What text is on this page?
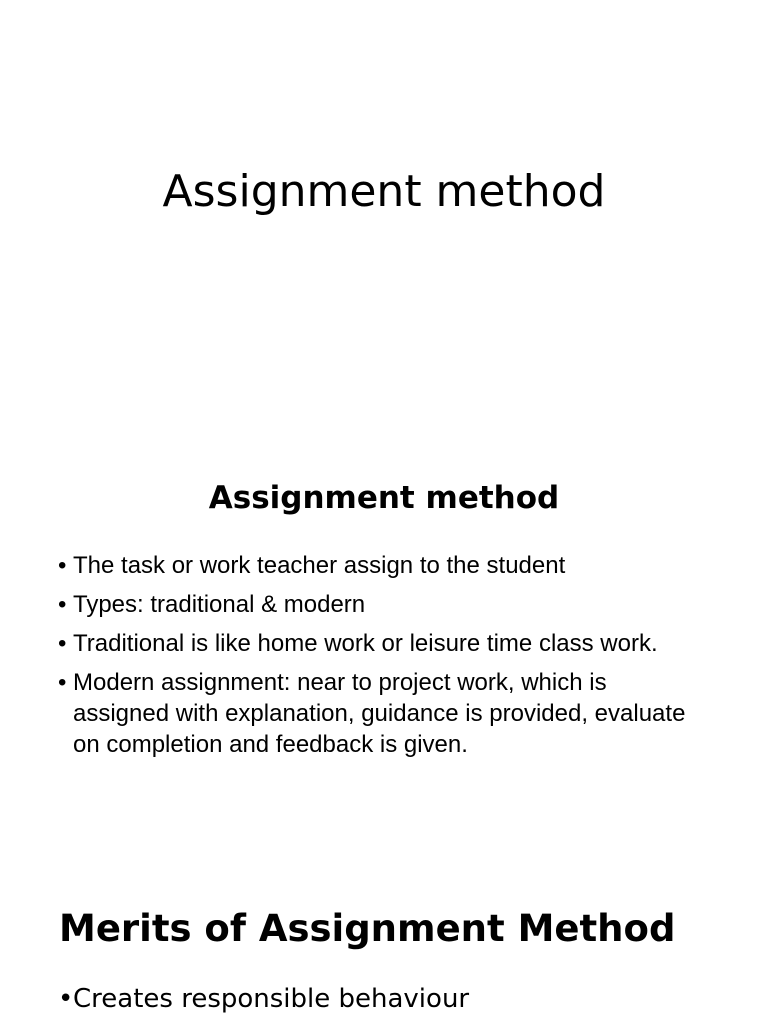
Assignment method
Assignment method
• The task or work teacher assign to the student
• Types: traditional & modern
• Traditional is like home work or leisure time class work.
• Modern assignment: near to project work, which is assigned with explanation, guidance is provided, evaluate on completion and feedback is given.
Merits of Assignment Method
• Creates responsible behaviour
